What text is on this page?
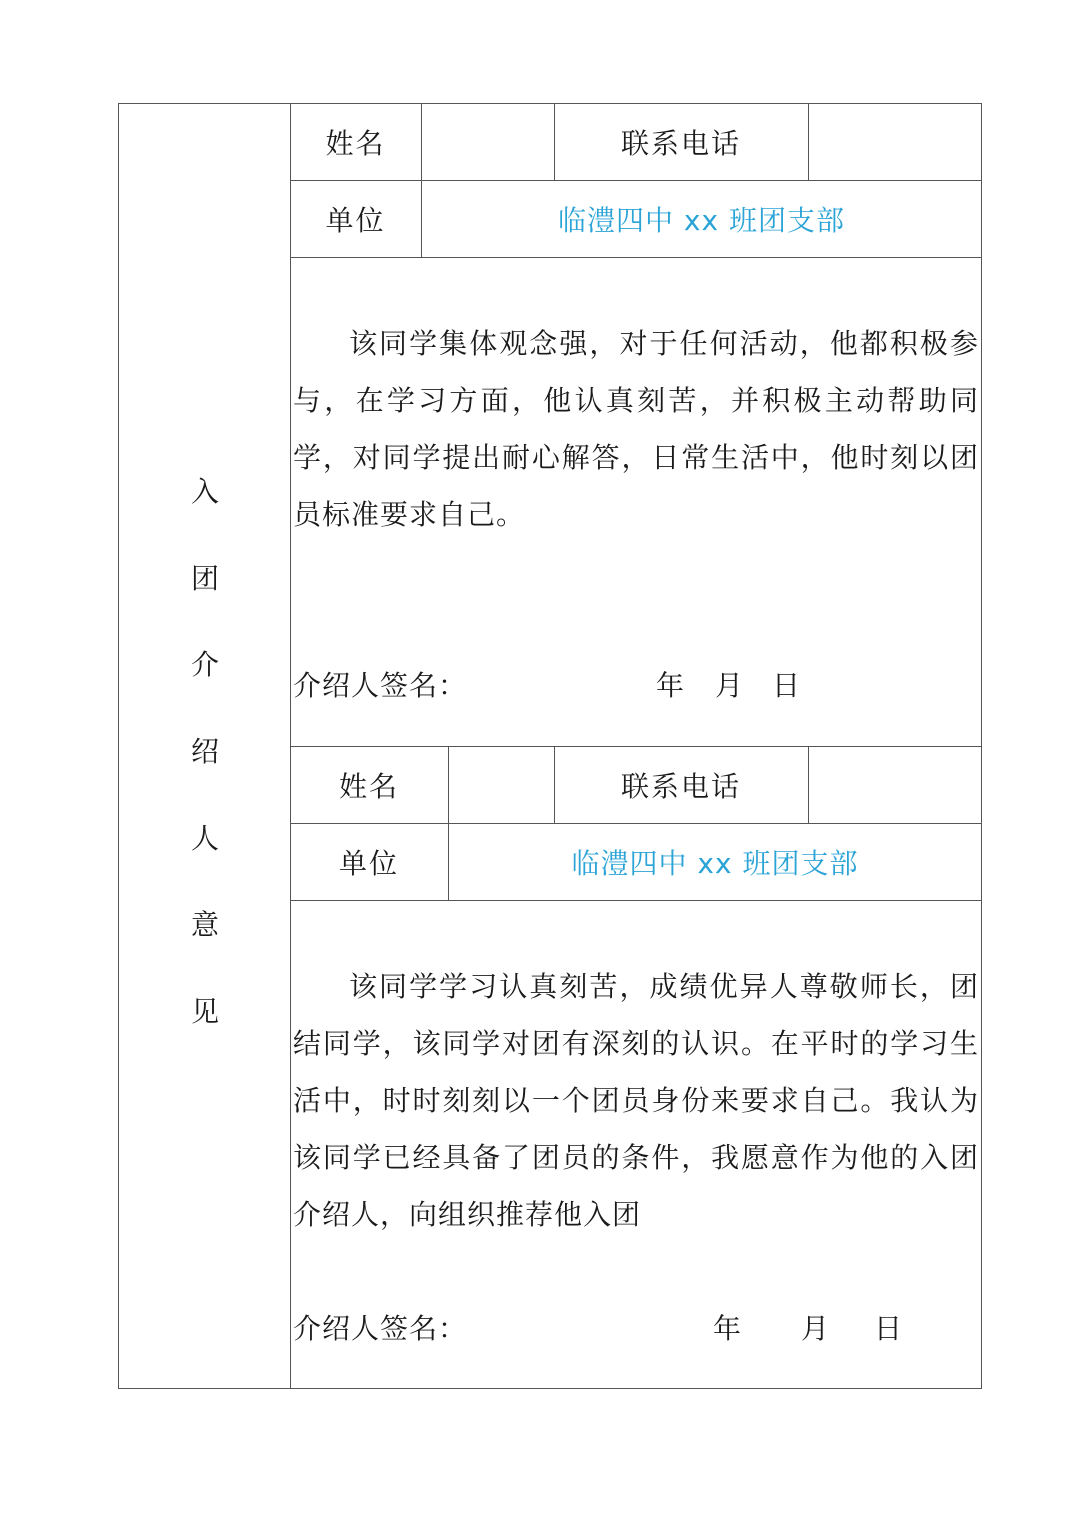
入
团
介
绍
人
意
见
姓名	联系电话
单位	临澧四中 xx 班团支部

该同学集体观念强，对于任何活动，他都积极参与，在学习方面，他认真刻苦，并积极主动帮助同学，对同学提出耐心解答，日常生活中，他时刻以团员标准要求自己。

介绍人签名：	年 月 日
姓名	联系电话
单位	临澧四中 xx 班团支部

该同学学习认真刻苦，成绩优异人尊敬师长，团结同学，该同学对团有深刻的认识。在平时的学习生活中，时时刻刻以一个团员身份来要求自己。我认为该同学已经具备了团员的条件，我愿意作为他的入团介绍人，向组织推荐他入团

介绍人签名：	年 月 日
